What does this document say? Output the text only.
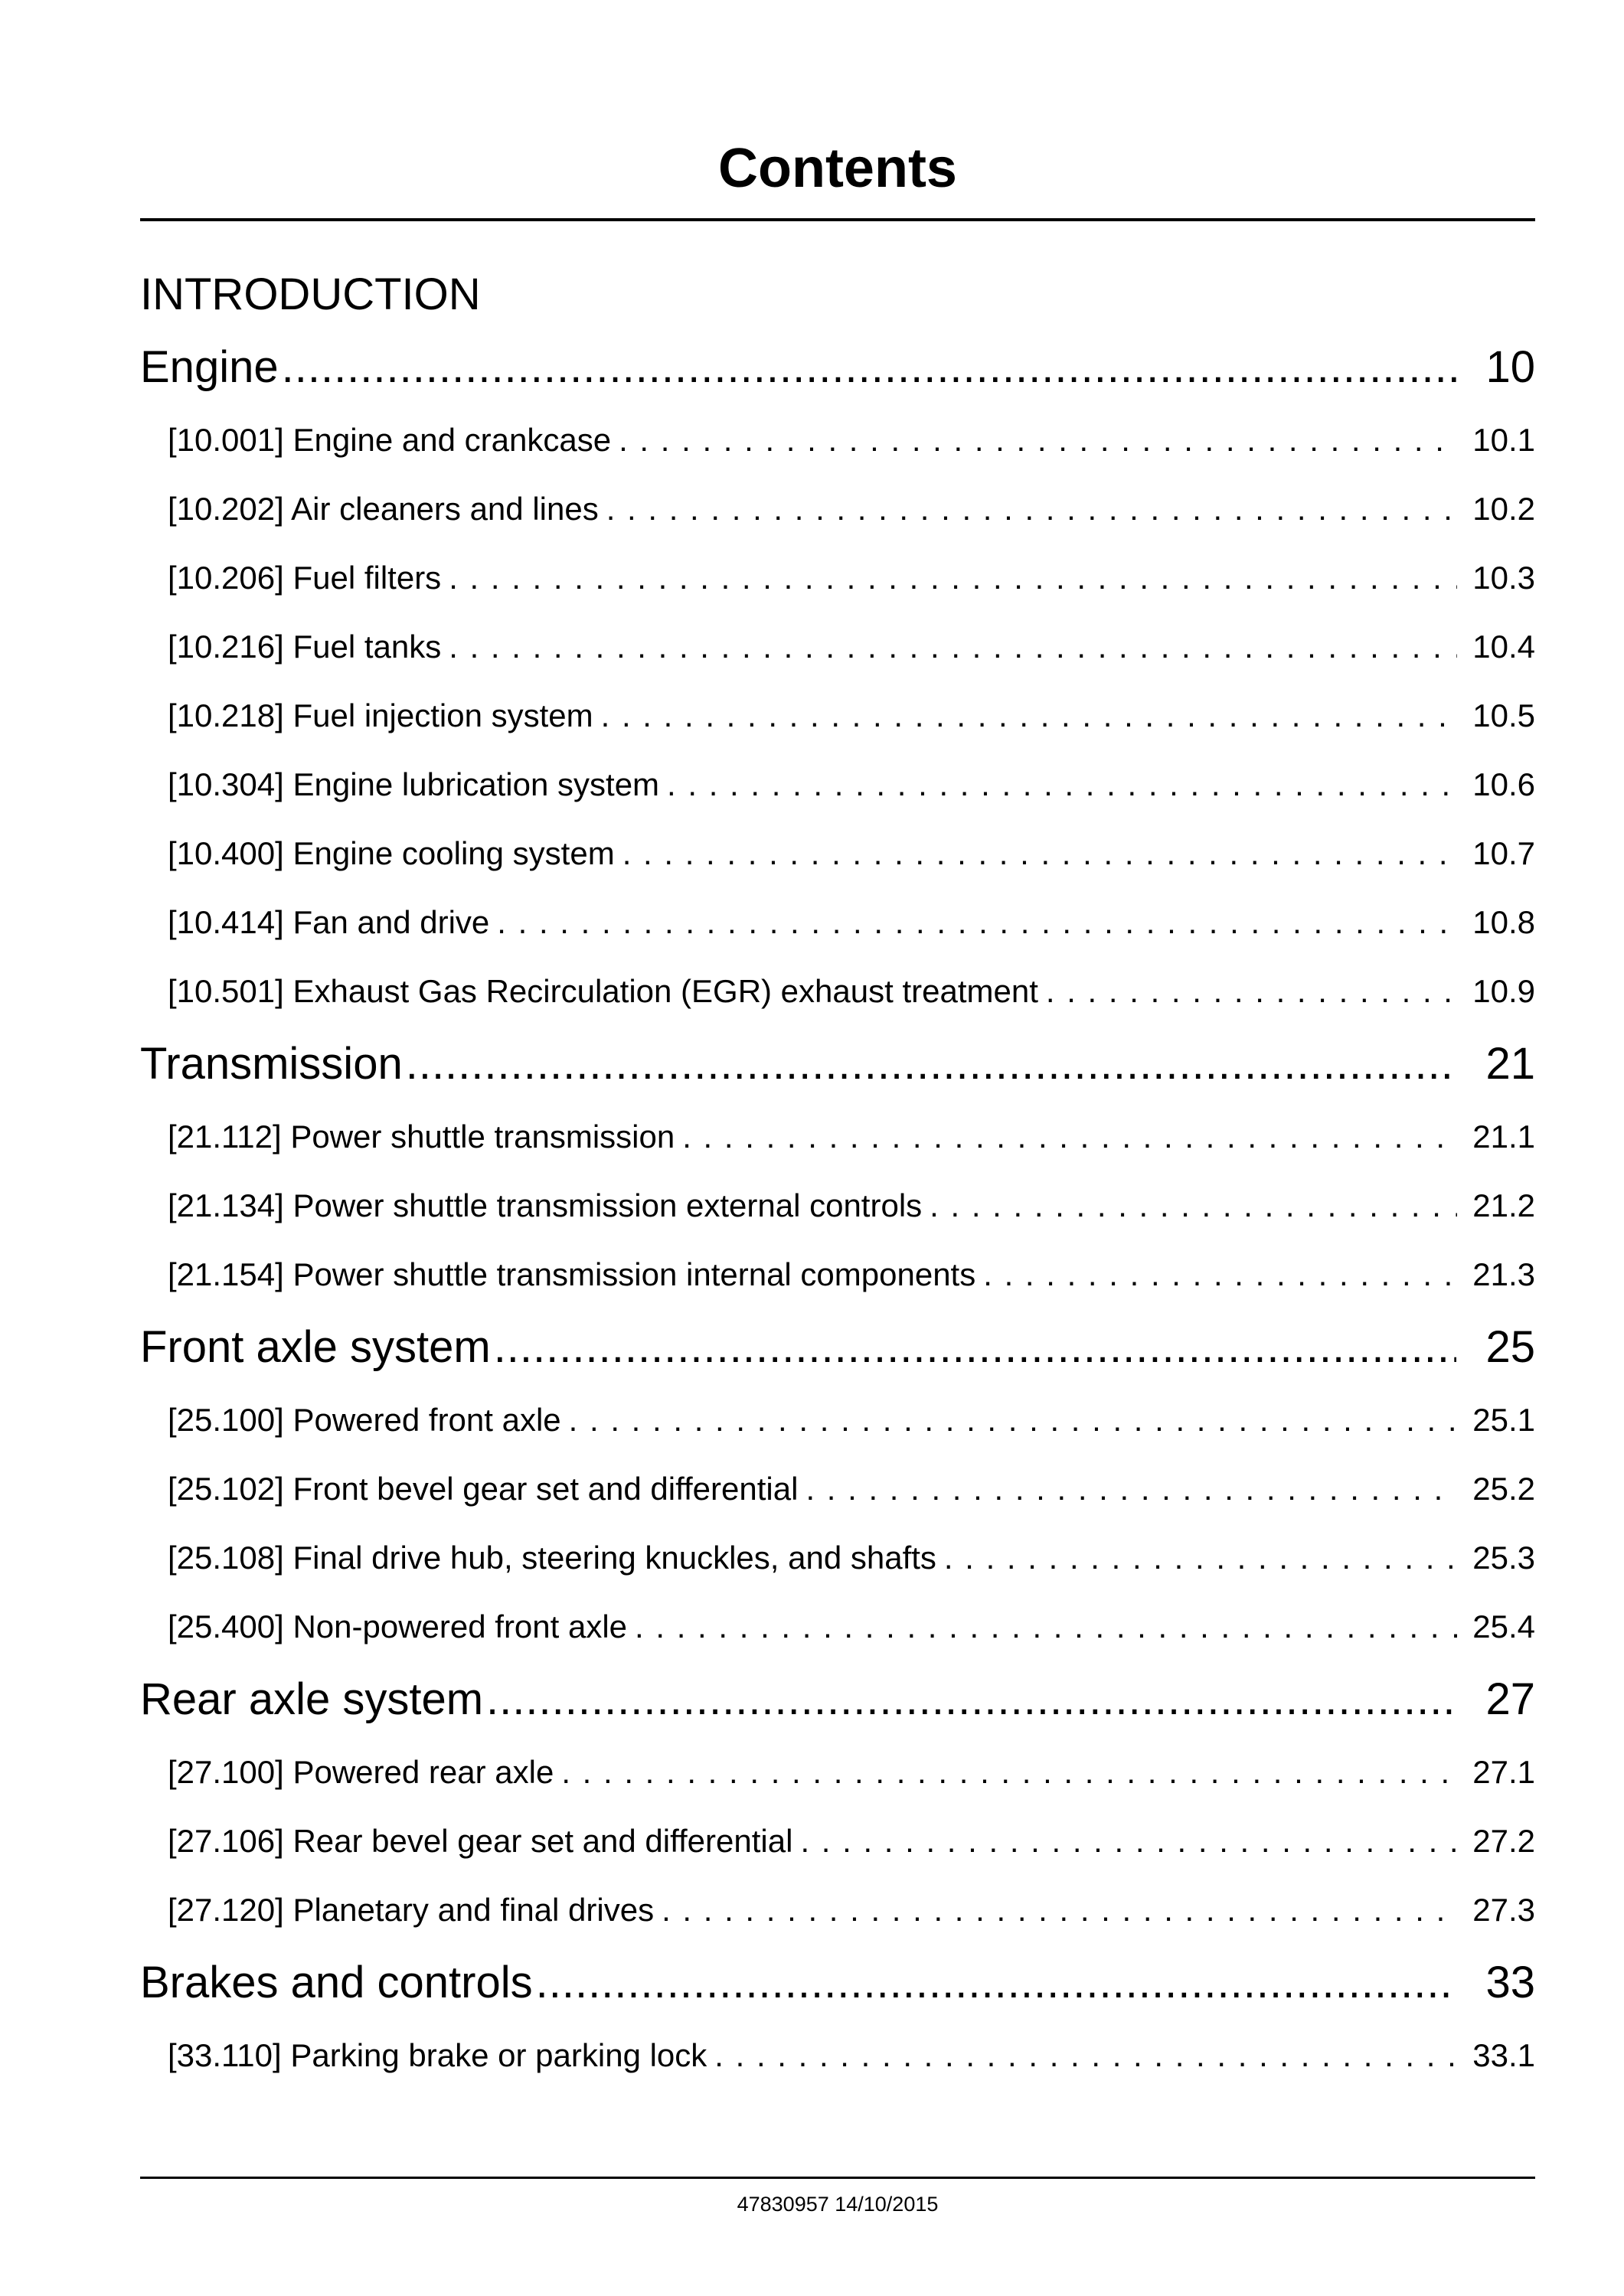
Contents
INTRODUCTION
Engine .....	10
[10.001] Engine and crankcase . . .	10.1
[10.202] Air cleaners and lines . . .	10.2
[10.206] Fuel filters . . .	10.3
[10.216] Fuel tanks . . .	10.4
[10.218] Fuel injection system . . .	10.5
[10.304] Engine lubrication system . . .	10.6
[10.400] Engine cooling system . . .	10.7
[10.414] Fan and drive . . .	10.8
[10.501] Exhaust Gas Recirculation (EGR) exhaust treatment . . .	10.9
Transmission .....	21
[21.112] Power shuttle transmission . . .	21.1
[21.134] Power shuttle transmission external controls . . .	21.2
[21.154] Power shuttle transmission internal components . . .	21.3
Front axle system .....	25
[25.100] Powered front axle . . .	25.1
[25.102] Front bevel gear set and differential . . .	25.2
[25.108] Final drive hub, steering knuckles, and shafts . . .	25.3
[25.400] Non-powered front axle . . .	25.4
Rear axle system .....	27
[27.100] Powered rear axle . . .	27.1
[27.106] Rear bevel gear set and differential . . .	27.2
[27.120] Planetary and final drives . . .	27.3
Brakes and controls .....	33
[33.110] Parking brake or parking lock . . .	33.1
47830957 14/10/2015
